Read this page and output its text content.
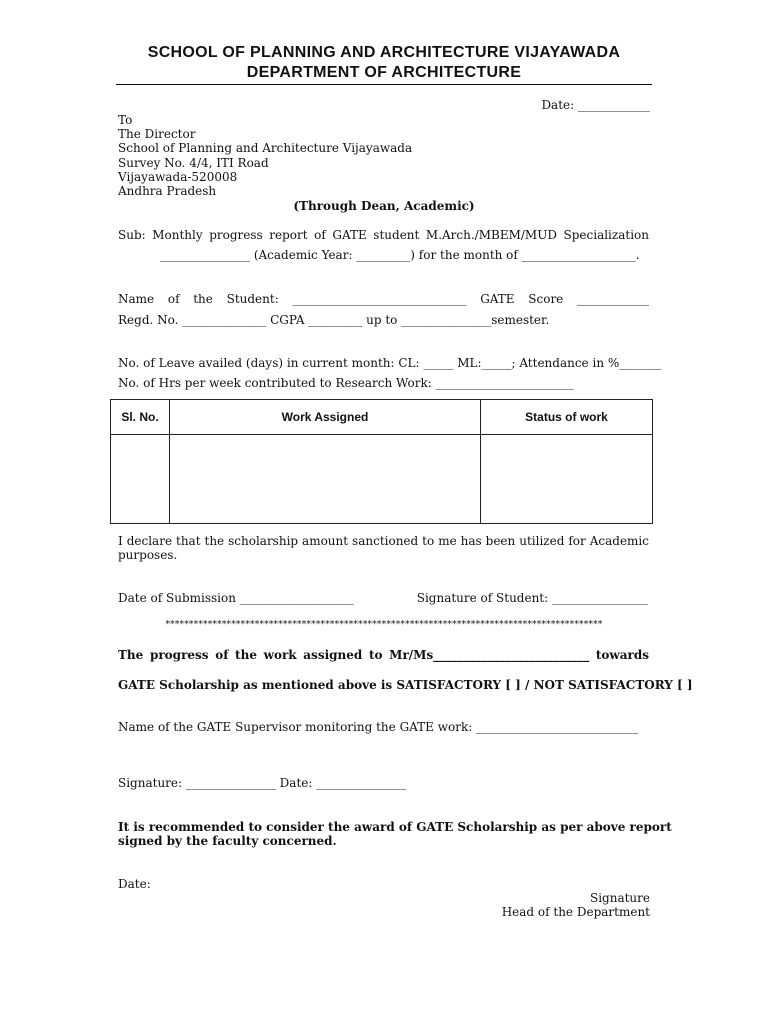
SCHOOL OF PLANNING AND ARCHITECTURE VIJAYAWADA
DEPARTMENT OF ARCHITECTURE
Date: ____________
To
The Director
School of Planning and Architecture Vijayawada
Survey No. 4/4, ITI Road
Vijayawada-520008
Andhra Pradesh
(Through Dean, Academic)
Sub: Monthly progress report of GATE student M.Arch./MBEM/MUD Specialization
_______________ (Academic Year: _________) for the month of ___________________.
Name of the Student: _____________________________ GATE Score ____________
Regd. No. ______________ CGPA _________ up to _______________semester.
No. of Leave availed (days) in current month: CL: _____ ML:_____; Attendance in %_______
No. of Hrs per week contributed to Research Work: _______________________
Sl. No.	Work Assigned	Status of work

I declare that the scholarship amount sanctioned to me has been utilized for Academic
purposes.
Date of Submission ___________________	Signature of Student: ________________
*********************************************************************************************
The progress of the work assigned to Mr/Ms__________________________ towards
GATE Scholarship as mentioned above is SATISFACTORY [ ] / NOT SATISFACTORY [ ]
Name of the GATE Supervisor monitoring the GATE work: ___________________________
Signature: _______________ Date: _______________
It is recommended to consider the award of GATE Scholarship as per above report
signed by the faculty concerned.
Date:
Signature
Head of the Department
